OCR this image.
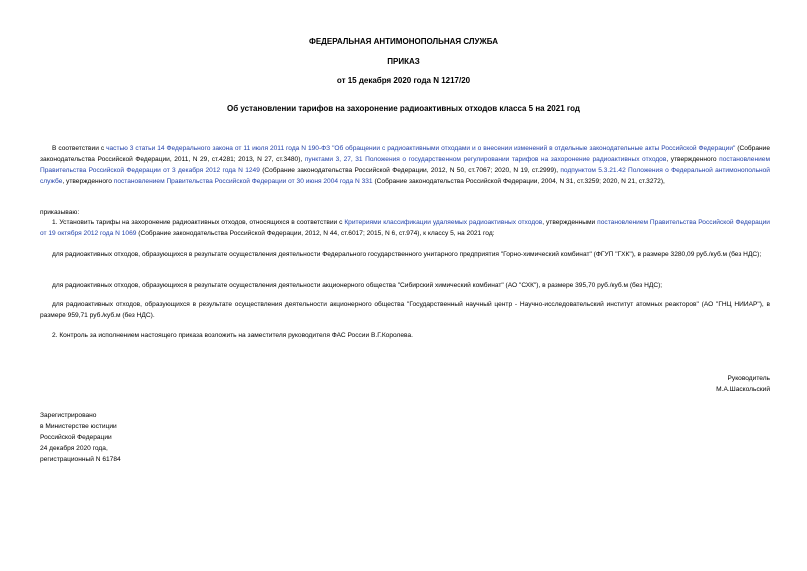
ФЕДЕРАЛЬНАЯ АНТИМОНОПОЛЬНАЯ СЛУЖБА
ПРИКАЗ
от 15 декабря 2020 года N 1217/20
Об установлении тарифов на захоронение радиоактивных отходов класса 5 на 2021 год
В соответствии с частью 3 статьи 14 Федерального закона от 11 июля 2011 года N 190-ФЗ "Об обращении с радиоактивными отходами и о внесении изменений в отдельные законодательные акты Российской Федерации" (Собрание законодательства Российской Федерации, 2011, N 29, ст.4281; 2013, N 27, ст.3480), пунктами 3, 27, 31 Положения о государственном регулировании тарифов на захоронение радиоактивных отходов, утвержденного постановлением Правительства Российской Федерации от 3 декабря 2012 года N 1249 (Собрание законодательства Российской Федерации, 2012, N 50, ст.7067; 2020, N 19, ст.2999), подпунктом 5.3.21.42 Положения о Федеральной антимонопольной службе, утвержденного постановлением Правительства Российской Федерации от 30 июня 2004 года N 331 (Собрание законодательства Российской Федерации, 2004, N 31, ст.3259; 2020, N 21, ст.3272),
приказываю:
1. Установить тарифы на захоронение радиоактивных отходов, относящихся в соответствии с Критериями классификации удаляемых радиоактивных отходов, утвержденными постановлением Правительства Российской Федерации от 19 октября 2012 года N 1069 (Собрание законодательства Российской Федерации, 2012, N 44, ст.6017; 2015, N 6, ст.974), к классу 5, на 2021 год:
для радиоактивных отходов, образующихся в результате осуществления деятельности Федерального государственного унитарного предприятия "Горно-химический комбинат" (ФГУП "ГХК"), в размере 3280,09 руб./куб.м (без НДС);
для радиоактивных отходов, образующихся в результате осуществления деятельности акционерного общества "Сибирский химический комбинат" (АО "СХК"), в размере 395,70 руб./куб.м (без НДС);
для радиоактивных отходов, образующихся в результате осуществления деятельности акционерного общества "Государственный научный центр - Научно-исследовательский институт атомных реакторов" (АО "ГНЦ НИИАР"), в размере 959,71 руб./куб.м (без НДС).
2. Контроль за исполнением настоящего приказа возложить на заместителя руководителя ФАС России В.Г.Королева.
Руководитель
М.А.Шаскольский
Зарегистрировано
в Министерстве юстиции
Российской Федерации
24 декабря 2020 года,
регистрационный N 61784
